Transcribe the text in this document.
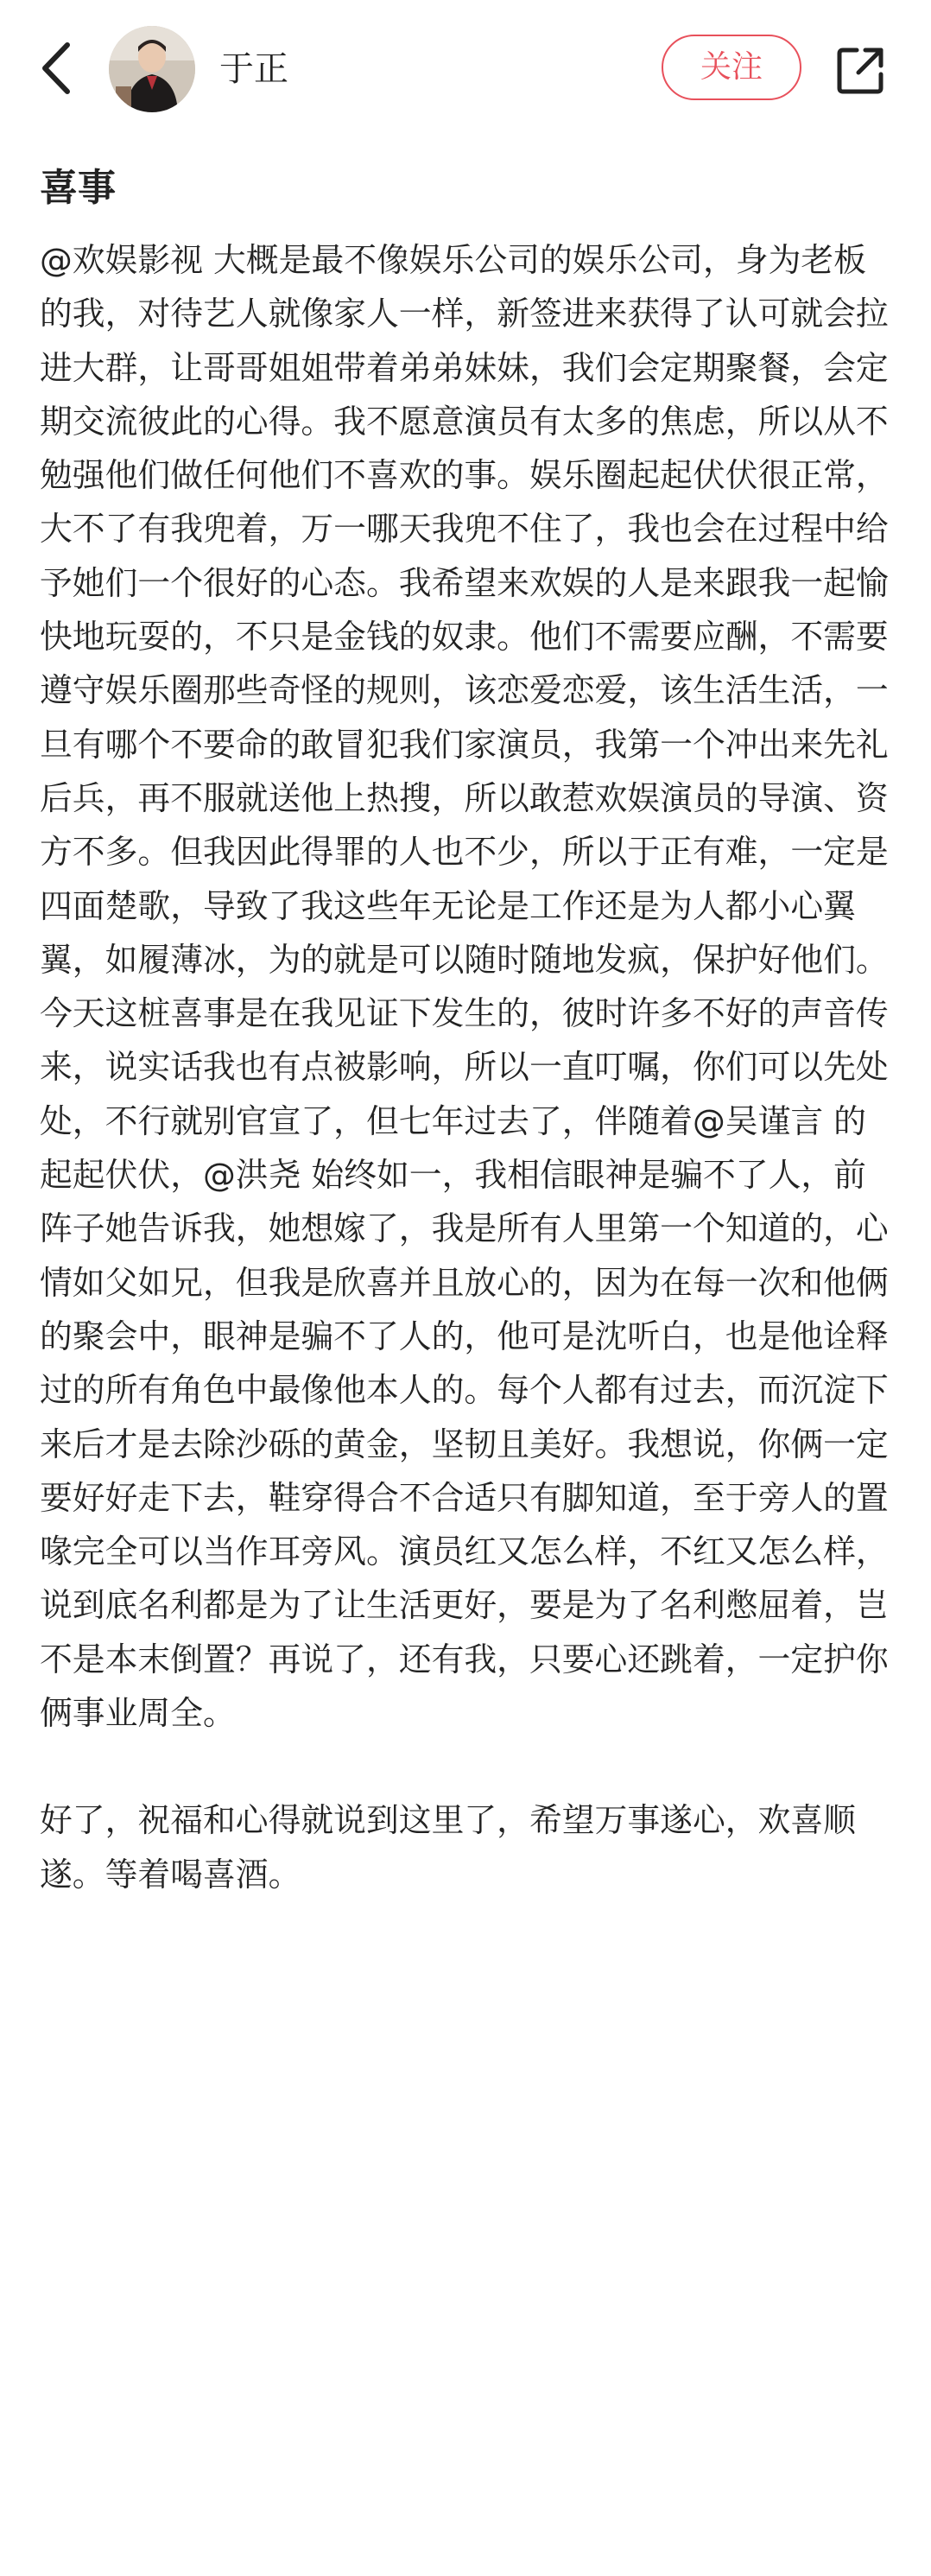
于正	关注
喜事

@欢娱影视 大概是最不像娱乐公司的娱乐公司，身为老板的我，对待艺人就像家人一样，新签进来获得了认可就会拉进大群，让哥哥姐姐带着弟弟妹妹，我们会定期聚餐，会定期交流彼此的心得。我不愿意演员有太多的焦虑，所以从不勉强他们做任何他们不喜欢的事。娱乐圈起起伏伏很正常，大不了有我兜着，万一哪天我兜不住了，我也会在过程中给予她们一个很好的心态。我希望来欢娱的人是来跟我一起愉快地玩耍的，不只是金钱的奴隶。他们不需要应酬，不需要遵守娱乐圈那些奇怪的规则，该恋爱恋爱，该生活生活，一旦有哪个不要命的敢冒犯我们家演员，我第一个冲出来先礼后兵，再不服就送他上热搜，所以敢惹欢娱演员的导演、资方不多。但我因此得罪的人也不少，所以于正有难，一定是四面楚歌，导致了我这些年无论是工作还是为人都小心翼翼，如履薄冰，为的就是可以随时随地发疯，保护好他们。

今天这桩喜事是在我见证下发生的，彼时许多不好的声音传来，说实话我也有点被影响，所以一直叮嘱，你们可以先处处，不行就别官宣了，但七年过去了，伴随着@吴谨言 的起起伏伏，@洪尧 始终如一，我相信眼神是骗不了人，前阵子她告诉我，她想嫁了，我是所有人里第一个知道的，心情如父如兄，但我是欣喜并且放心的，因为在每一次和他俩的聚会中，眼神是骗不了人的，他可是沈听白，也是他诠释过的所有角色中最像他本人的。每个人都有过去，而沉淀下来后才是去除沙砾的黄金，坚韧且美好。我想说，你俩一定要好好走下去，鞋穿得合不合适只有脚知道，至于旁人的置喙完全可以当作耳旁风。演员红又怎么样，不红又怎么样，说到底名利都是为了让生活更好，要是为了名利憋屈着，岂不是本末倒置？再说了，还有我，只要心还跳着，一定护你俩事业周全。

好了，祝福和心得就说到这里了，希望万事遂心，欢喜顺遂。等着喝喜酒。
